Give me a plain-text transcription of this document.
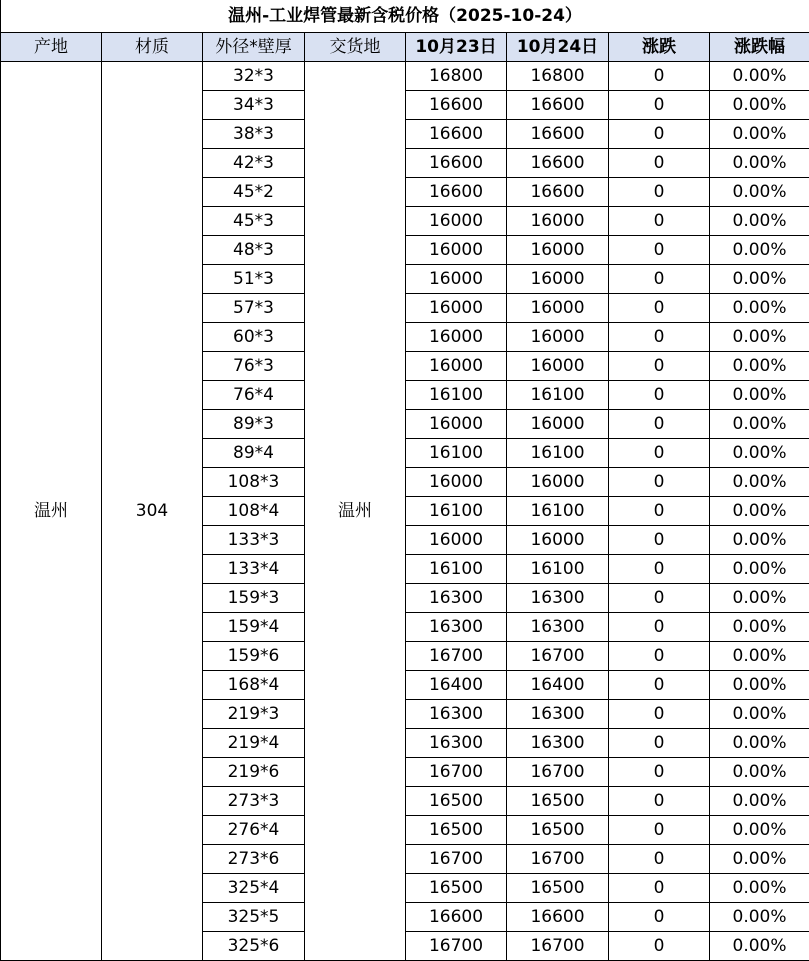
温州-工业焊管最新含税价格（2025-10-24）							
产地	材质	外径*壁厚	交货地	10月23日	10月24日	涨跌	涨跌幅
温州	304	32*3	温州	16800	16800	0	0.00%
		34*3		16600	16600	0	0.00%
		38*3		16600	16600	0	0.00%
		42*3		16600	16600	0	0.00%
		45*2		16600	16600	0	0.00%
		45*3		16000	16000	0	0.00%
		48*3		16000	16000	0	0.00%
		51*3		16000	16000	0	0.00%
		57*3		16000	16000	0	0.00%
		60*3		16000	16000	0	0.00%
		76*3		16000	16000	0	0.00%
		76*4		16100	16100	0	0.00%
		89*3		16000	16000	0	0.00%
		89*4		16100	16100	0	0.00%
		108*3		16000	16000	0	0.00%
		108*4		16100	16100	0	0.00%
		133*3		16000	16000	0	0.00%
		133*4		16100	16100	0	0.00%
		159*3		16300	16300	0	0.00%
		159*4		16300	16300	0	0.00%
		159*6		16700	16700	0	0.00%
		168*4		16400	16400	0	0.00%
		219*3		16300	16300	0	0.00%
		219*4		16300	16300	0	0.00%
		219*6		16700	16700	0	0.00%
		273*3		16500	16500	0	0.00%
		276*4		16500	16500	0	0.00%
		273*6		16700	16700	0	0.00%
		325*4		16500	16500	0	0.00%
		325*5		16600	16600	0	0.00%
		325*6		16700	16700	0	0.00%
